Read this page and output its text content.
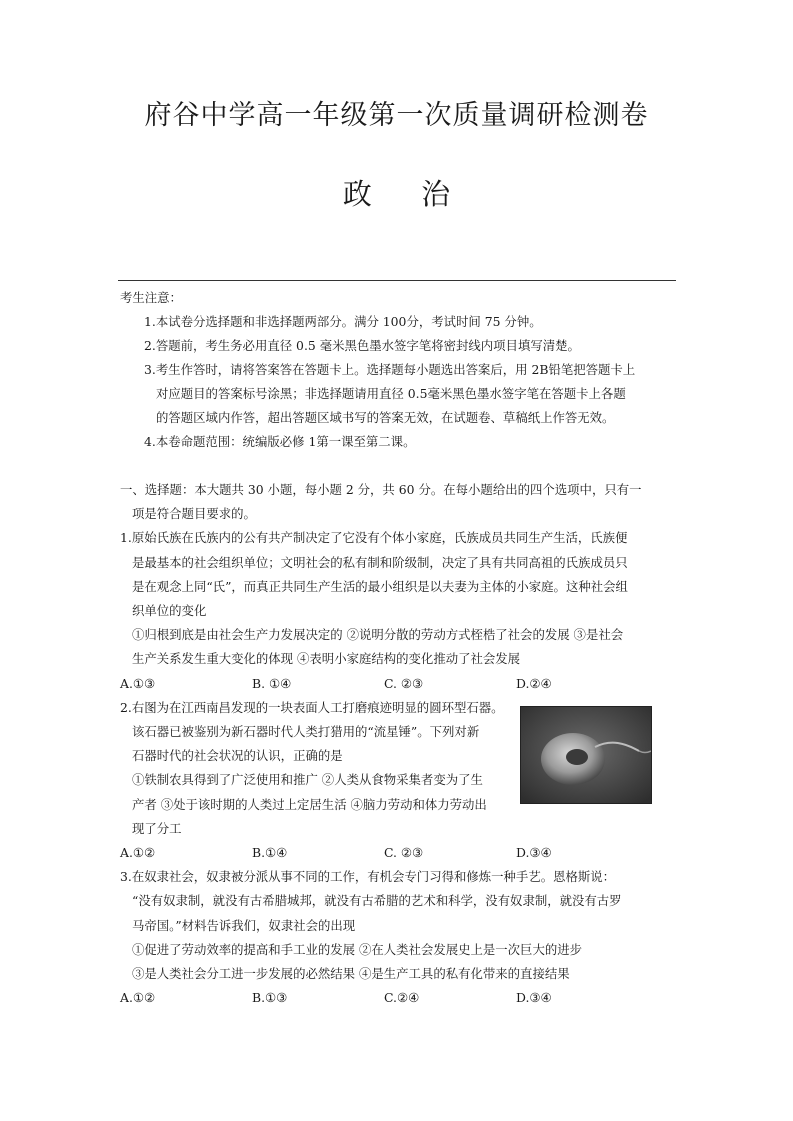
府谷中学高一年级第一次质量调研检测卷
政 治
考生注意：
1.本试卷分选择题和非选择题两部分。满分 100分，考试时间 75 分钟。
2.答题前，考生务必用直径 0.5 毫米黑色墨水签字笔将密封线内项目填写清楚。
3.考生作答时，请将答案答在答题卡上。选择题每小题选出答案后，用 2B铅笔把答题卡上
对应题目的答案标号涂黑；非选择题请用直径 0.5毫米黑色墨水签字笔在答题卡上各题
的答题区域内作答，超出答题区域书写的答案无效，在试题卷、草稿纸上作答无效。
4.本卷命题范围：统编版必修 1第一课至第二课。
一、选择题：本大题共 30 小题，每小题 2 分，共 60 分。在每小题给出的四个选项中，只有一
项是符合题目要求的。
1.原始氏族在氏族内的公有共产制决定了它没有个体小家庭，氏族成员共同生产生活，氏族便
是最基本的社会组织单位；文明社会的私有制和阶级制，决定了具有共同高祖的氏族成员只
是在观念上同“氏”，而真正共同生产生活的最小组织是以夫妻为主体的小家庭。这种社会组
织单位的变化
①归根到底是由社会生产力发展决定的 ②说明分散的劳动方式桎梏了社会的发展 ③是社会
生产关系发生重大变化的体现 ④表明小家庭结构的变化推动了社会发展
A.①③	B. ①④	C. ②③	D.②④
2.右图为在江西南昌发现的一块表面人工打磨痕迹明显的圆环型石器。
该石器已被鉴别为新石器时代人类打猎用的“流星锤”。下列对新
石器时代的社会状况的认识，正确的是
①铁制农具得到了广泛使用和推广 ②人类从食物采集者变为了生
产者 ③处于该时期的人类过上定居生活 ④脑力劳动和体力劳动出
现了分工
A.①②	B.①④	C. ②③	D.③④
3.在奴隶社会，奴隶被分派从事不同的工作，有机会专门习得和修炼一种手艺。恩格斯说：
“没有奴隶制，就没有古希腊城邦，就没有古希腊的艺术和科学，没有奴隶制，就没有古罗
马帝国。”材料告诉我们，奴隶社会的出现
①促进了劳动效率的提高和手工业的发展 ②在人类社会发展史上是一次巨大的进步
③是人类社会分工进一步发展的必然结果 ④是生产工具的私有化带来的直接结果
A.①②	B.①③	C.②④	D.③④
